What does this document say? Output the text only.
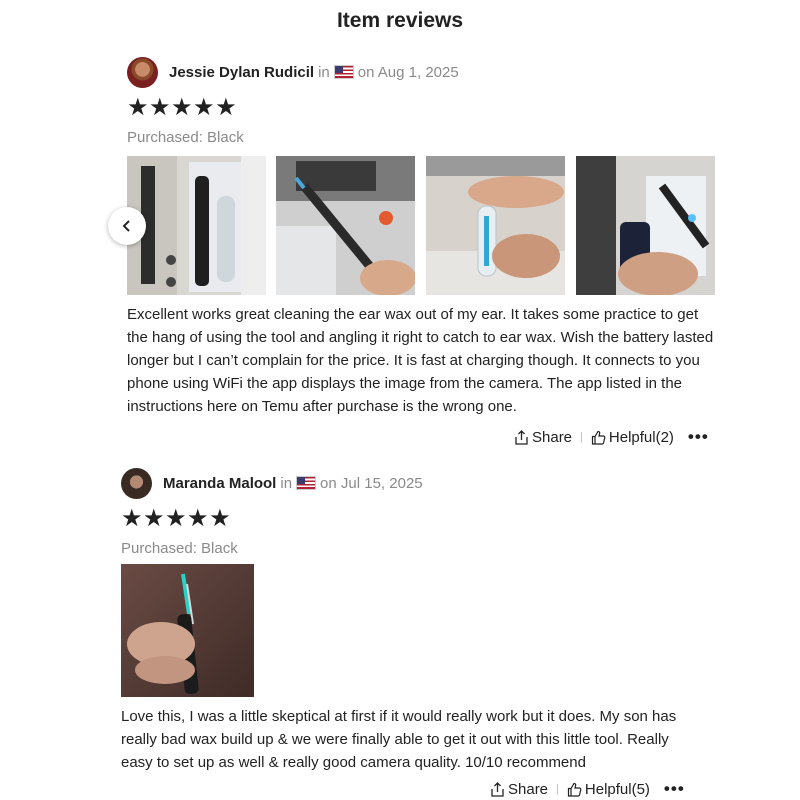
Item reviews
Jessie Dylan Rudicil in on Aug 1, 2025
★★★★★
Purchased: Black
Excellent works great cleaning the ear wax out of my ear. It takes some practice to get the hang of using the tool and angling it right to catch to ear wax. Wish the battery lasted longer but I can’t complain for the price. It is fast at charging though. It connects to you phone using WiFi the app displays the image from the camera. The app listed in the instructions here on Temu after purchase is the wrong one.
Share | Helpful(2) •••
Maranda Malool in on Jul 15, 2025
★★★★★
Purchased: Black
Love this, I was a little skeptical at first if it would really work but it does. My son has really bad wax build up & we were finally able to get it out with this little tool. Really easy to set up as well & really good camera quality. 10/10 recommend
Share | Helpful(5) •••
